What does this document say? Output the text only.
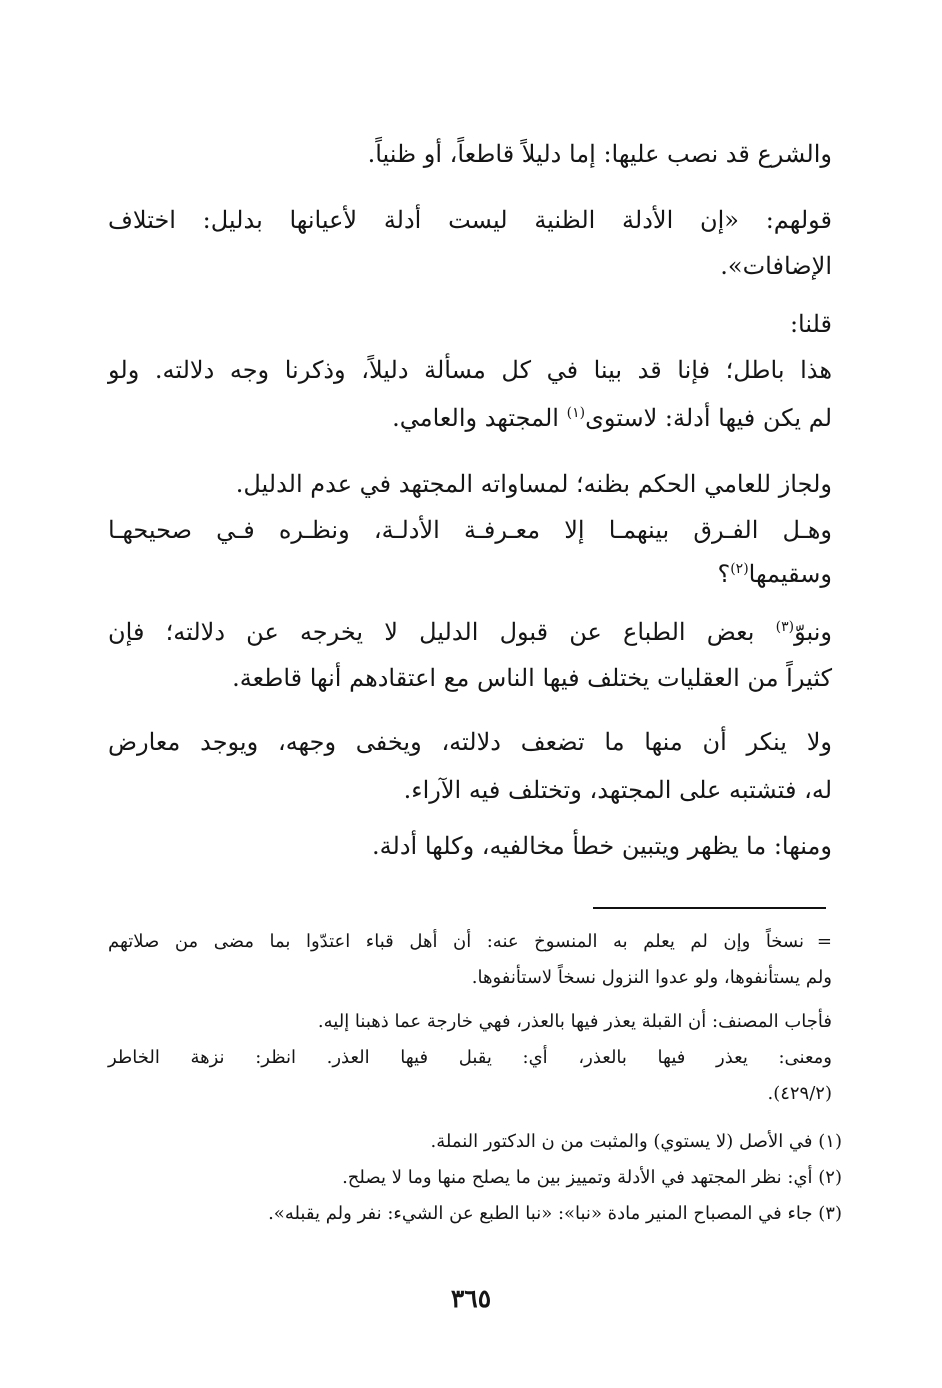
والشرع قد نصب عليها: إما دليلاً قاطعاً، أو ظنياً.
قولهم: «إن الأدلة الظنية ليست أدلة لأعيانها بدليل: اختلاف
الإضافات».
قلنا:
هذا باطل؛ فإنا قد بينا في كل مسألة دليلاً، وذكرنا وجه دلالته. ولو
لم يكن فيها أدلة: لاستوى$^{(١)}$ المجتهد والعامي.
ولجاز للعامي الحكم بظنه؛ لمساواته المجتهد في عدم الدليل.
وهـل الفـرق بينهمـا إلا معـرفـة الأدلـة، ونظـره فـي صحيحهـا
وسقيمها$^{(٢)}$؟
ونبوّ$^{(٣)}$ بعض الطباع عن قبول الدليل لا يخرجه عن دلالته؛ فإن
كثيراً من العقليات يختلف فيها الناس مع اعتقادهم أنها قاطعة.
ولا ينكر أن منها ما تضعف دلالته، ويخفى وجهه، ويوجد معارض
له، فتشتبه على المجتهد، وتختلف فيه الآراء.
ومنها: ما يظهر ويتبين خطأ مخالفيه، وكلها أدلة.
=
نسخاً وإن لم يعلم به المنسوخ عنه: أن أهل قباء اعتدّوا بما مضى من صلاتهم
ولم يستأنفوها، ولو عدوا النزول نسخاً لاستأنفوها.
فأجاب المصنف: أن القبلة يعذر فيها بالعذر، فهي خارجة عما ذهبنا إليه.
ومعنى: يعذر فيها بالعذر، أي: يقبل فيها العذر. انظر: نزهة الخاطر
(٤٢٩/٢).
(١) في الأصل (لا يستوي) والمثبت من ن الدكتور النملة.
(٢) أي: نظر المجتهد في الأدلة وتمييز بين ما يصلح منها وما لا يصلح.
(٣) جاء في المصباح المنير مادة «نبا»: «نبا الطبع عن الشيء: نفر ولم يقبله».
٣٦٥
